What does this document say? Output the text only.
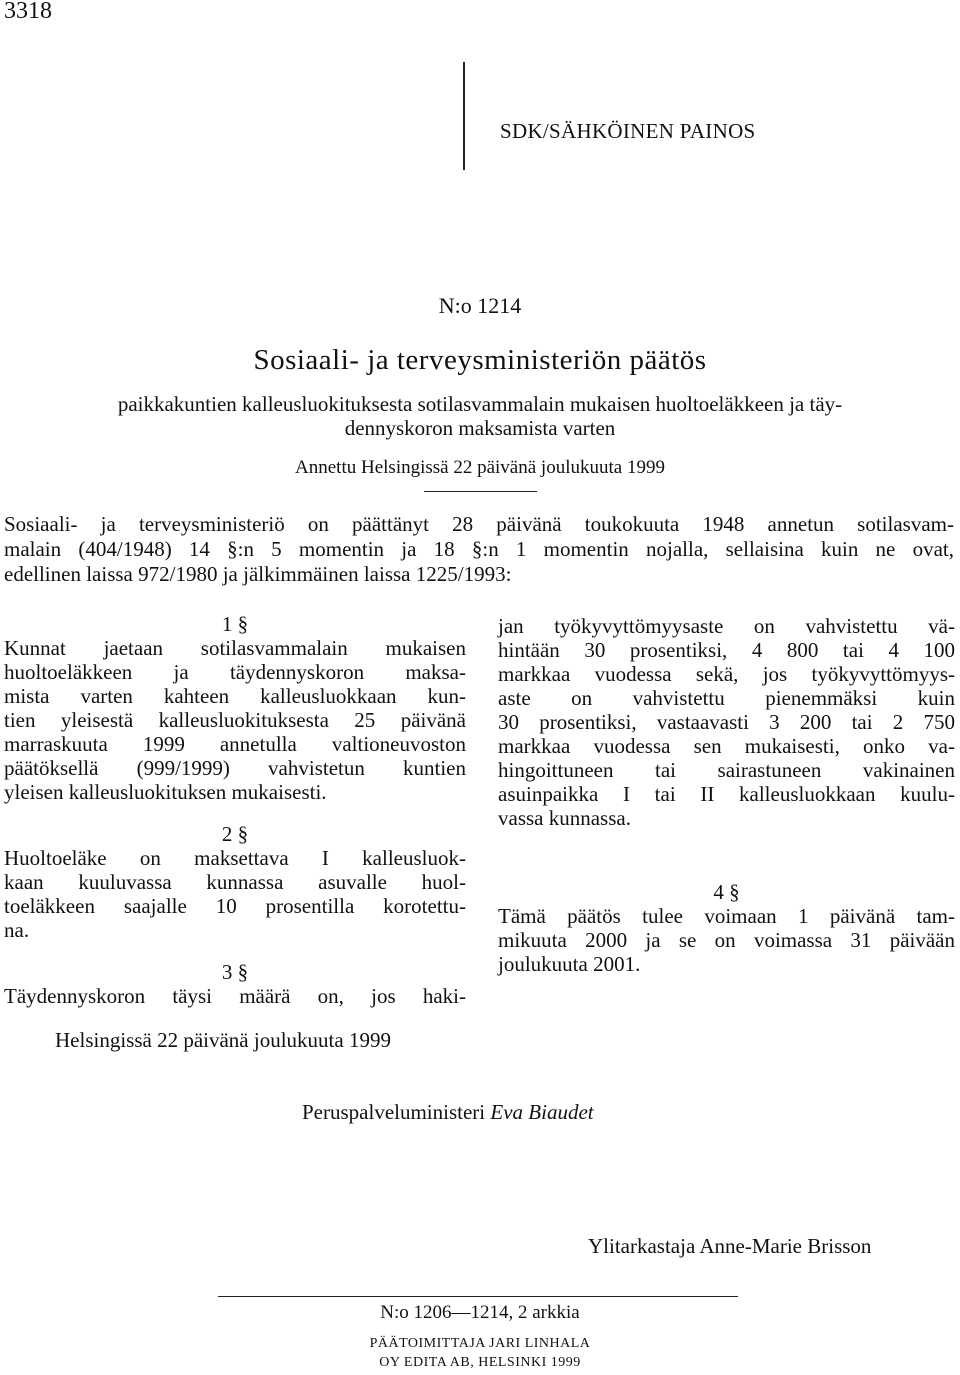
3318
SDK/SÄHKÖINEN PAINOS
N:o 1214
Sosiaali- ja terveysministeriön päätös
paikkakuntien kalleusluokituksesta sotilasvammalain mukaisen huoltoeläkkeen ja täy-
dennyskoron maksamista varten
Annettu Helsingissä 22 päivänä joulukuuta 1999
Sosiaali- ja terveysministeriö on päättänyt 28 päivänä toukokuuta 1948 annetun sotilasvam-
malain (404/1948) 14 §:n 5 momentin ja 18 §:n 1 momentin nojalla, sellaisina kuin ne ovat,
edellinen laissa 972/1980 ja jälkimmäinen laissa 1225/1993:
1 §
Kunnat jaetaan sotilasvammalain mukaisen
huoltoeläkkeen ja täydennyskoron maksa-
mista varten kahteen kalleusluokkaan kun-
tien yleisestä kalleusluokituksesta 25 päivänä
marraskuuta 1999 annetulla valtioneuvoston
päätöksellä (999/1999) vahvistetun kuntien
yleisen kalleusluokituksen mukaisesti.
2 §
Huoltoeläke on maksettava I kalleusluok-
kaan kuuluvassa kunnassa asuvalle huol-
toeläkkeen saajalle 10 prosentilla korotettu-
na.
3 §
Täydennyskoron täysi määrä on, jos haki-
jan työkyvyttömyysaste on vahvistettu vä-
hintään 30 prosentiksi, 4 800 tai 4 100
markkaa vuodessa sekä, jos työkyvyttömyys-
aste on vahvistettu pienemmäksi kuin
30 prosentiksi, vastaavasti 3 200 tai 2 750
markkaa vuodessa sen mukaisesti, onko va-
hingoittuneen tai sairastuneen vakinainen
asuinpaikka I tai II kalleusluokkaan kuulu-
vassa kunnassa.
4 §
Tämä päätös tulee voimaan 1 päivänä tam-
mikuuta 2000 ja se on voimassa 31 päivään
joulukuuta 2001.
Helsingissä 22 päivänä joulukuuta 1999
Peruspalveluministeri Eva Biaudet
Ylitarkastaja Anne-Marie Brisson
N:o 1206—1214, 2 arkkia
PÄÄTOIMITTAJA JARI LINHALA
OY EDITA AB, HELSINKI 1999
